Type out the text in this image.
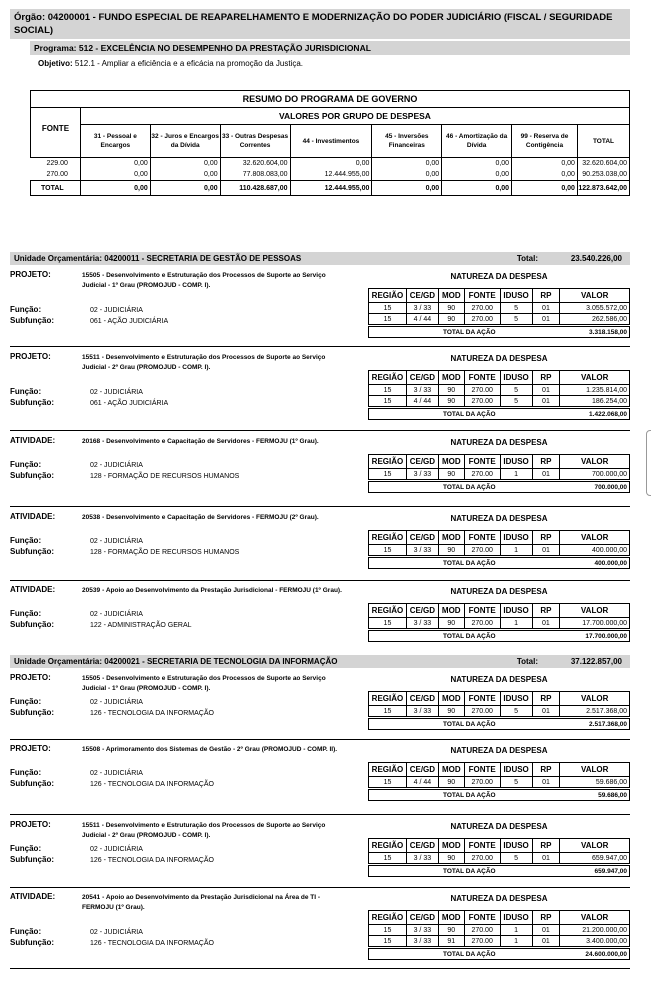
Órgão: 04200001 - FUNDO ESPECIAL DE REAPARELHAMENTO E MODERNIZAÇÃO DO PODER JUDICIÁRIO (FISCAL / SEGURIDADE SOCIAL)
Programa: 512 - EXCELÊNCIA NO DESEMPENHO DA PRESTAÇÃO JURISDICIONAL
Objetivo: 512.1 - Ampliar a eficiência e a eficácia na promoção da Justiça.
RESUMO DO PROGRAMA DE GOVERNO								
FONTE	VALORES POR GRUPO DE DESPESA							
	31 - Pessoal e Encargos	32 - Juros e Encargos da Dívida	33 - Outras Despesas Correntes	44 - Investimentos	45 - Inversões Financeiras	46 - Amortização da Dívida	99 - Reserva de Contigência	TOTAL
229.00	0,00	0,00	32.620.604,00	0,00	0,00	0,00	0,00	32.620.604,00
270.00	0,00	0,00	77.808.083,00	12.444.955,00	0,00	0,00	0,00	90.253.038,00
TOTAL	0,00	0,00	110.428.687,00	12.444.955,00	0,00	0,00	0,00	122.873.642,00
Unidade Orçamentária: 04200011 - SECRETARIA DE GESTÃO DE PESSOAS	Total:	23.540.226,00
PROJETO:	15505 - Desenvolvimento e Estruturação dos Processos de Suporte ao Serviço Judicial - 1º Grau (PROMOJUD - COMP. I).
NATUREZA DA DESPESA
REGIÃO	CE/GD	MOD	FONTE	IDUSO	RP	VALOR
15	3 / 33	90	270.00	5	01	3.055.572,00
15	4 / 44	90	270.00	5	01	262.586,00
TOTAL DA AÇÃO	3.318.158,00
Função:	02 - JUDICIÁRIA
Subfunção:	061 - AÇÃO JUDICIÁRIA
PROJETO:	15511 - Desenvolvimento e Estruturação dos Processos de Suporte ao Serviço Judicial - 2º Grau (PROMOJUD - COMP. I).
NATUREZA DA DESPESA
REGIÃO	CE/GD	MOD	FONTE	IDUSO	RP	VALOR
15	3 / 33	90	270.00	5	01	1.235.814,00
15	4 / 44	90	270.00	5	01	186.254,00
TOTAL DA AÇÃO	1.422.068,00
Função:	02 - JUDICIÁRIA
Subfunção:	061 - AÇÃO JUDICIÁRIA
ATIVIDADE:	20168 - Desenvolvimento e Capacitação de Servidores - FERMOJU (1º Grau).	NATUREZA DA DESPESA
REGIÃO	CE/GD	MOD	FONTE	IDUSO	RP	VALOR
15	3 / 33	90	270.00	1	01	700.000,00
TOTAL DA AÇÃO	700.000,00
Função:	02 - JUDICIÁRIA
Subfunção:	128 - FORMAÇÃO DE RECURSOS HUMANOS
ATIVIDADE:	20538 - Desenvolvimento e Capacitação de Servidores - FERMOJU (2º Grau).	NATUREZA DA DESPESA
REGIÃO	CE/GD	MOD	FONTE	IDUSO	RP	VALOR
15	3 / 33	90	270.00	1	01	400.000,00
TOTAL DA AÇÃO	400.000,00
Função:	02 - JUDICIÁRIA
Subfunção:	128 - FORMAÇÃO DE RECURSOS HUMANOS
ATIVIDADE:	20539 - Apoio ao Desenvolvimento da Prestação Jurisdicional - FERMOJU (1º Grau).	NATUREZA DA DESPESA
REGIÃO	CE/GD	MOD	FONTE	IDUSO	RP	VALOR
15	3 / 33	90	270.00	1	01	17.700.000,00
TOTAL DA AÇÃO	17.700.000,00
Função:	02 - JUDICIÁRIA
Subfunção:	122 - ADMINISTRAÇÃO GERAL
Unidade Orçamentária: 04200021 - SECRETARIA DE TECNOLOGIA DA INFORMAÇÃO	Total:	37.122.857,00
PROJETO:	15505 - Desenvolvimento e Estruturação dos Processos de Suporte ao Serviço Judicial - 1º Grau (PROMOJUD - COMP. I).
NATUREZA DA DESPESA
REGIÃO	CE/GD	MOD	FONTE	IDUSO	RP	VALOR
15	3 / 33	90	270.00	5	01	2.517.368,00
TOTAL DA AÇÃO	2.517.368,00
Função:	02 - JUDICIÁRIA
Subfunção:	126 - TECNOLOGIA DA INFORMAÇÃO
PROJETO:	15508 - Aprimoramento dos Sistemas de Gestão - 2º Grau (PROMOJUD - COMP. II).	NATUREZA DA DESPESA
REGIÃO	CE/GD	MOD	FONTE	IDUSO	RP	VALOR
15	4 / 44	90	270.00	5	01	59.686,00
TOTAL DA AÇÃO	59.686,00
Função:	02 - JUDICIÁRIA
Subfunção:	126 - TECNOLOGIA DA INFORMAÇÃO
PROJETO:	15511 - Desenvolvimento e Estruturação dos Processos de Suporte ao Serviço Judicial - 2º Grau (PROMOJUD - COMP. I).
NATUREZA DA DESPESA
REGIÃO	CE/GD	MOD	FONTE	IDUSO	RP	VALOR
15	3 / 33	90	270.00	5	01	659.947,00
TOTAL DA AÇÃO	659.947,00
Função:	02 - JUDICIÁRIA
Subfunção:	126 - TECNOLOGIA DA INFORMAÇÃO
ATIVIDADE:	20541 - Apoio ao Desenvolvimento da Prestação Jurisdicional na Área de TI - FERMOJU (1º Grau).
NATUREZA DA DESPESA
REGIÃO	CE/GD	MOD	FONTE	IDUSO	RP	VALOR
15	3 / 33	90	270.00	1	01	21.200.000,00
15	3 / 33	91	270.00	1	01	3.400.000,00
TOTAL DA AÇÃO	24.600.000,00
Função:	02 - JUDICIÁRIA
Subfunção:	126 - TECNOLOGIA DA INFORMAÇÃO
